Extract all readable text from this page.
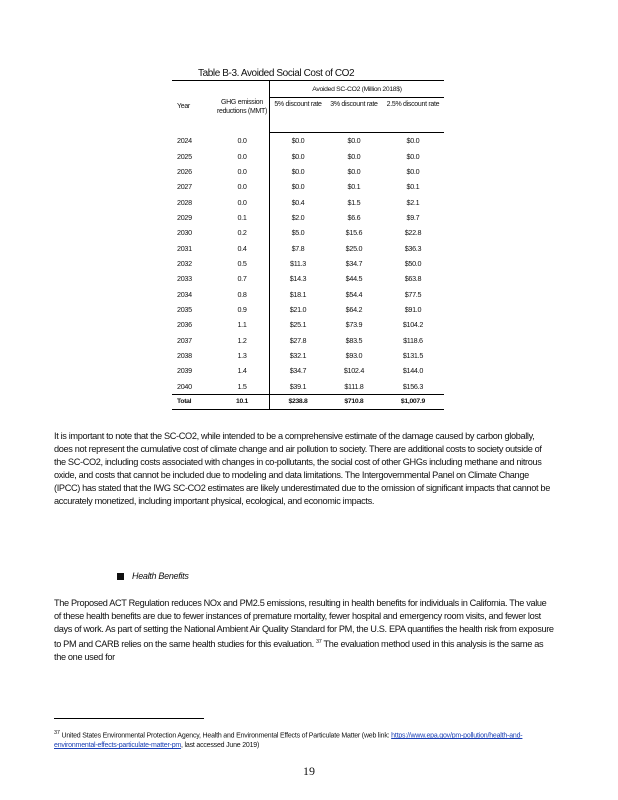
Table B-3. Avoided Social Cost of CO2
Year	GHG emission reductions (MMT)	Avoided SC-CO2 (Million 2018$)		
		5% discount rate	3% discount rate	2.5% discount rate
2024	0.0	$0.0	$0.0	$0.0
2025	0.0	$0.0	$0.0	$0.0
2026	0.0	$0.0	$0.0	$0.0
2027	0.0	$0.0	$0.1	$0.1
2028	0.0	$0.4	$1.5	$2.1
2029	0.1	$2.0	$6.6	$9.7
2030	0.2	$5.0	$15.6	$22.8
2031	0.4	$7.8	$25.0	$36.3
2032	0.5	$11.3	$34.7	$50.0
2033	0.7	$14.3	$44.5	$63.8
2034	0.8	$18.1	$54.4	$77.5
2035	0.9	$21.0	$64.2	$91.0
2036	1.1	$25.1	$73.9	$104.2
2037	1.2	$27.8	$83.5	$118.6
2038	1.3	$32.1	$93.0	$131.5
2039	1.4	$34.7	$102.4	$144.0
2040	1.5	$39.1	$111.8	$156.3
Total	10.1	$238.8	$710.8	$1,007.9

It is important to note that the SC-CO2, while intended to be a comprehensive estimate of the damage caused by carbon globally, does not represent the cumulative cost of climate change and air pollution to society. There are additional costs to society outside of the SC-CO2, including costs associated with changes in co-pollutants, the social cost of other GHGs including methane and nitrous oxide, and costs that cannot be included due to modeling and data limitations. The Intergovernmental Panel on Climate Change (IPCC) has stated that the IWG SC-CO2 estimates are likely underestimated due to the omission of significant impacts that cannot be accurately monetized, including important physical, ecological, and economic impacts.

Health Benefits

The Proposed ACT Regulation reduces NOx and PM2.5 emissions, resulting in health benefits for individuals in California. The value of these health benefits are due to fewer instances of premature mortality, fewer hospital and emergency room visits, and fewer lost days of work. As part of setting the National Ambient Air Quality Standard for PM, the U.S. EPA quantifies the health risk from exposure to PM and CARB relies on the same health studies for this evaluation. $^{37}$ The evaluation method used in this analysis is the same as the one used for

$^{37}$ United States Environmental Protection Agency, Health and Environmental Effects of Particulate Matter (web link: https://www.epa.gov/pm-pollution/health-and-environmental-effects-particulate-matter-pm, last accessed June 2019)

19
